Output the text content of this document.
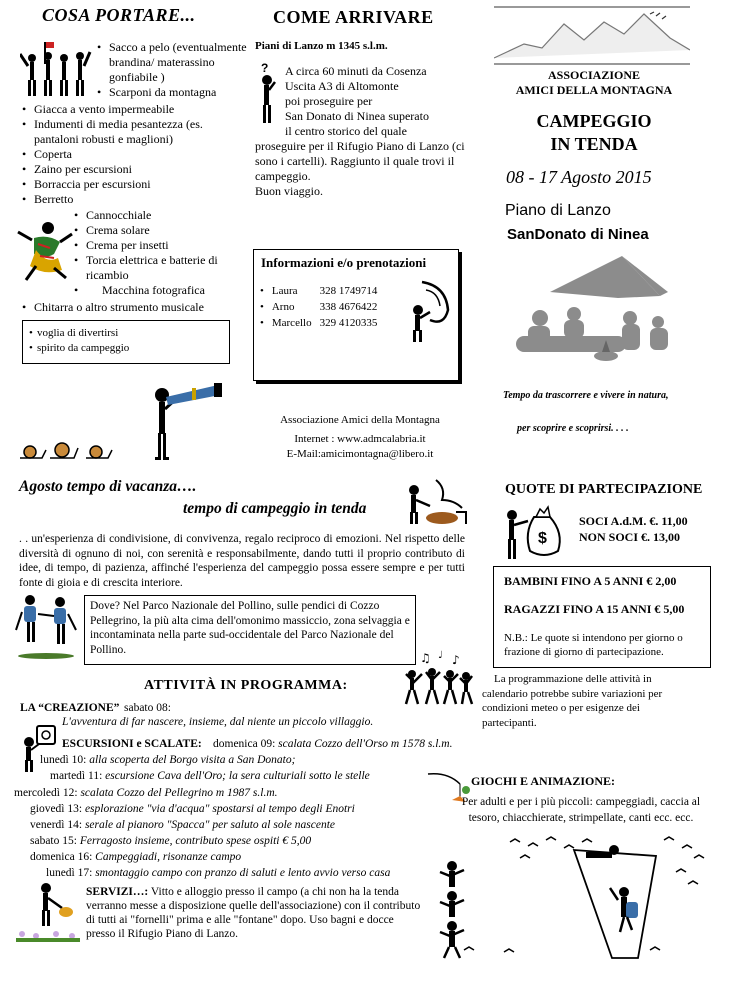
COSA PORTARE...
• Sacco a pelo (eventualmente brandina/ materassino gonfiabile )
• Scarponi da montagna
• Giacca a vento impermeabile
• Indumenti di media pesantezza (es. pantaloni robusti e maglioni)
• Coperta
• Zaino per escursioni
• Borraccia per escursioni
• Berretto
• Cannocchiale
• Crema solare
• Crema per insetti
• Torcia elettrica e batterie di ricambio
• Macchina fotografica
• Chitarra o altro strumento musicale
• voglia di divertirsi
• spirito da campeggio
COME ARRIVARE
Piani di Lanzo m 1345 s.l.m.
? A circa 60 minuti da Cosenza
Uscita A3 di Altomonte
poi proseguire per
San Donato di Ninea superato
il centro storico del quale
proseguire per il Rifugio Piano di Lanzo (ci sono i cartelli). Raggiunto il quale trovi il campeggio.
Buon viaggio.
Informazioni e/o prenotazioni
•	Laura	328 1749714
•	Arno	338 4676422
•	Marcello	329 4120335
Associazione Amici della Montagna
Internet : www.admcalabria.it
E-Mail:amicimontagna@libero.it
ASSOCIAZIONE
AMICI DELLA MONTAGNA
CAMPEGGIO
IN TENDA
08 - 17 Agosto 2015
Piano di Lanzo
SanDonato di Ninea
Tempo da trascorrere e vivere in natura,
per scoprire e scoprirsi. . . .
Agosto tempo di vacanza….
tempo di campeggio in tenda
. . un'esperienza di condivisione, di convivenza, regalo reciproco di emozioni. Nel rispetto delle diversità di ognuno di noi, con serenità e responsabilmente, dando tutti il proprio contributo di idee, di tempo, di pazienza, affinché l'esperienza del campeggio possa essere sempre e per tutti fonte di gioia e di crescita interiore.
Dove? Nel Parco Nazionale del Pollino, sulle pendici di Cozzo Pellegrino, la più alta cima dell'omonimo massiccio, zona selvaggia e incontaminata nella parte sud-occidentale del Parco Nazionale del Pollino.
QUOTE DI PARTECIPAZIONE
$
SOCI A.d.M. €. 11,00
NON SOCI €. 13,00
BAMBINI FINO A 5 ANNI € 2,00
RAGAZZI FINO A 15 ANNI € 5,00
N.B.: Le quote si intendono per giorno o frazione di giorno di partecipazione.
La programmazione delle attività in calendario potrebbe subire variazioni per condizioni meteo o per esigenze dei partecipanti.
ATTIVITÀ IN PROGRAMMA:
♫ ♪
♩
LA “CREAZIONE” sabato 08:
L'avventura di far nascere, insieme, dal niente un piccolo villaggio.
ESCURSIONI e SCALATE: domenica 09: scalata Cozzo dell'Orso m 1578 s.l.m.
lunedì 10: alla scoperta del Borgo visita a San Donato;
martedì 11: escursione Cava dell'Oro; la sera culturiali sotto le stelle
mercoledì 12: scalata Cozzo del Pellegrino m 1987 s.l.m.
giovedì 13: esplorazione "via d'acqua" spostarsi al tempo degli Enotri
venerdì 14: serale al pianoro "Spacca" per saluto al sole nascente
sabato 15: Ferragosto insieme, contributo spese ospiti € 5,00
domenica 16: Campeggiadi, risonanze campo
lunedì 17: smontaggio campo con pranzo di saluti e lento avvio verso casa
SERVIZI…: Vitto e alloggio presso il campo (a chi non ha la tenda verranno messe a disposizione quelle dell'associazione) con il contributo di tutti ai "fornelli" prima e alle "fontane" dopo. Uso bagni e docce presso il Rifugio Piano di Lanzo.
GIOCHI E ANIMAZIONE:
Per adulti e per i più piccoli: campeggiadi, caccia al tesoro, chiacchierate, strimpellate, canti ecc. ecc.
